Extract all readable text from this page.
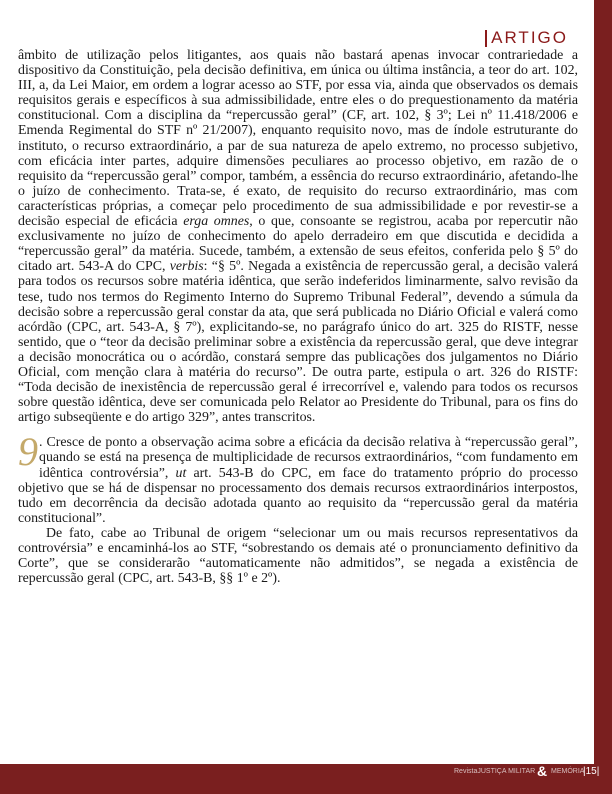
ARTIGO

âmbito de utilização pelos litigantes, aos quais não bastará apenas invocar contrariedade a dispositivo da Constituição, pela decisão definitiva, em única ou última instância, a teor do art. 102, III, a, da Lei Maior, em ordem a lograr acesso ao STF, por essa via, ainda que observados os demais requisitos gerais e específicos à sua admissibilidade, entre eles o do prequestionamento da matéria constitucional. Com a disciplina da “repercussão geral” (CF, art. 102, § 3º; Lei nº 11.418/2006 e Emenda Regimental do STF nº 21/2007), enquanto requisito novo, mas de índole estruturante do instituto, o recurso extraordinário, a par de sua natureza de apelo extremo, no processo subjetivo, com eficácia inter partes, adquire dimensões peculiares ao processo objetivo, em razão de o requisito da “repercussão geral” compor, também, a essência do recurso extraordinário, afetando-lhe o juízo de conhecimento. Trata-se, é exato, de requisito do recurso extraordinário, mas com características próprias, a começar pelo procedimento de sua admissibilidade e por revestir-se a decisão especial de eficácia erga omnes, o que, consoante se registrou, acaba por repercutir não exclusivamente no juízo de conhecimento do apelo derradeiro em que discutida e decidida a “repercussão geral” da matéria. Sucede, também, a extensão de seus efeitos, conferida pelo § 5º do citado art. 543-A do CPC, verbis: “§ 5º. Negada a existência de repercussão geral, a decisão valerá para todos os recursos sobre matéria idêntica, que serão indeferidos liminarmente, salvo revisão da tese, tudo nos termos do Regimento Interno do Supremo Tribunal Federal”, devendo a súmula da decisão sobre a repercussão geral constar da ata, que será publicada no Diário Oficial e valerá como acórdão (CPC, art. 543-A, § 7º), explicitando-se, no parágrafo único do art. 325 do RISTF, nesse sentido, que o “teor da decisão preliminar sobre a existência da repercussão geral, que deve integrar a decisão monocrática ou o acórdão, constará sempre das publicações dos julgamentos no Diário Oficial, com menção clara à matéria do recurso”. De outra parte, estipula o art. 326 do RISTF: “Toda decisão de inexistência de repercussão geral é irrecorrível e, valendo para todos os recursos sobre questão idêntica, deve ser comunicada pelo Relator ao Presidente do Tribunal, para os fins do artigo subseqüente e do artigo 329”, antes transcritos.

9 . Cresce de ponto a observação acima sobre a eficácia da decisão relativa à “repercussão geral”, quando se está na presença de multiplicidade de recursos extraordinários, “com fundamento em idêntica controvérsia”, ut art. 543-B do CPC, em face do tratamento próprio do processo objetivo que se há de dispensar no processamento dos demais recursos extraordinários interpostos, tudo em decorrência da decisão adotada quanto ao requisito da “repercussão geral da matéria constitucional”.

De fato, cabe ao Tribunal de origem “selecionar um ou mais recursos representativos da controvérsia” e encaminhá-los ao STF, “sobrestando os demais até o pronunciamento definitivo da Corte”, que se considerarão “automaticamente não admitidos”, se negada a existência de repercussão geral (CPC, art. 543-B, §§ 1º e 2º).

RevistaJUSTIÇA MILITAR & MEMÓRIA
|15|
